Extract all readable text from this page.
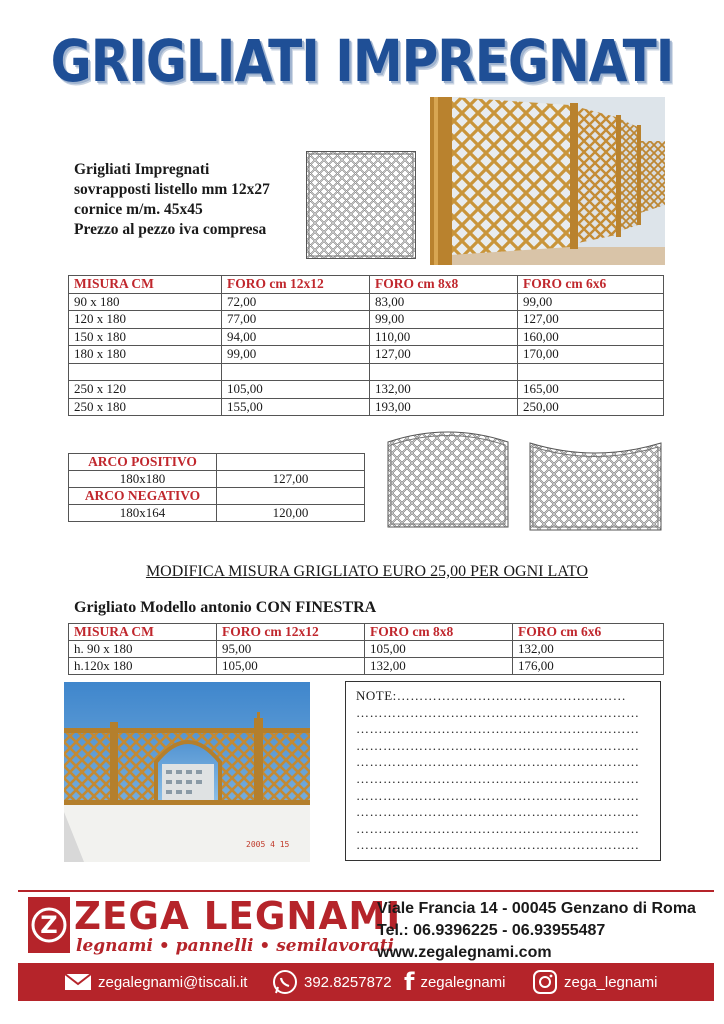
GRIGLIATI IMPREGNATI
Grigliati Impregnati
sovrapposti listello mm 12x27
cornice m/m. 45x45
Prezzo al pezzo iva compresa
MISURA CM	FORO cm 12x12	FORO cm 8x8	FORO cm 6x6
90 x 180	72,00	83,00	99,00
120 x 180	77,00	99,00	127,00
150 x 180	94,00	110,00	160,00
180 x 180	99,00	127,00	170,00

250 x 120	105,00	132,00	165,00
250 x 180	155,00	193,00	250,00
ARCO POSITIVO	
180x180	127,00
ARCO NEGATIVO	
180x164	120,00
MODIFICA MISURA GRIGLIATO EURO 25,00 PER OGNI LATO
Grigliato Modello antonio CON FINESTRA
MISURA CM	FORO cm 12x12	FORO cm 8x8	FORO cm 6x6
h. 90 x 180	95,00	105,00	132,00
h.120x 180	105,00	132,00	176,00
2005 4 15
NOTE:……………………………………………
………………………………………………………
………………………………………………………
………………………………………………………
………………………………………………………
………………………………………………………
………………………………………………………
………………………………………………………
………………………………………………………
………………………………………………………
Z ZEGA LEGNAMI
legnami • pannelli • semilavorati
Viale Francia 14 - 00045 Genzano di Roma
Tel.: 06.9396225 - 06.93955487
www.zegalegnami.com
zegalegnami@tiscali.it	392.8257872 f zegalegnami	zega_legnami
